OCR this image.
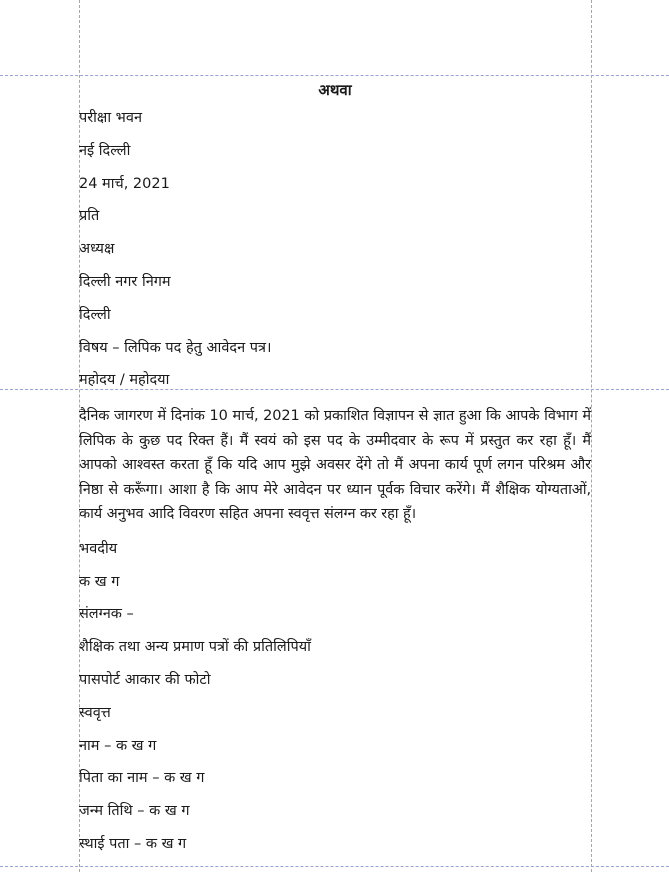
अथवा
परीक्षा भवन
नई दिल्ली
24 मार्च, 2021
प्रति
अध्यक्ष
दिल्ली नगर निगम
दिल्ली
विषय – लिपिक पद हेतु आवेदन पत्र।
महोदय / महोदया
दैनिक जागरण में दिनांक 10 मार्च, 2021 को प्रकाशित विज्ञापन से ज्ञात हुआ कि आपके विभाग में लिपिक के कुछ पद रिक्त हैं। मैं स्वयं को इस पद के उम्मीदवार के रूप में प्रस्तुत कर रहा हूँ। मैं आपको आश्वस्त करता हूँ कि यदि आप मुझे अवसर देंगे तो मैं अपना कार्य पूर्ण लगन परिश्रम और निष्ठा से करूँगा। आशा है कि आप मेरे आवेदन पर ध्यान पूर्वक विचार करेंगे। मैं शैक्षिक योग्यताओं, कार्य अनुभव आदि विवरण सहित अपना स्ववृत्त संलग्न कर रहा हूँ।
भवदीय
क ख ग
संलग्नक –
शैक्षिक तथा अन्य प्रमाण पत्रों की प्रतिलिपियाँ
पासपोर्ट आकार की फोटो
स्ववृत्त
नाम – क ख ग
पिता का नाम – क ख ग
जन्म तिथि – क ख ग
स्थाई पता – क ख ग
